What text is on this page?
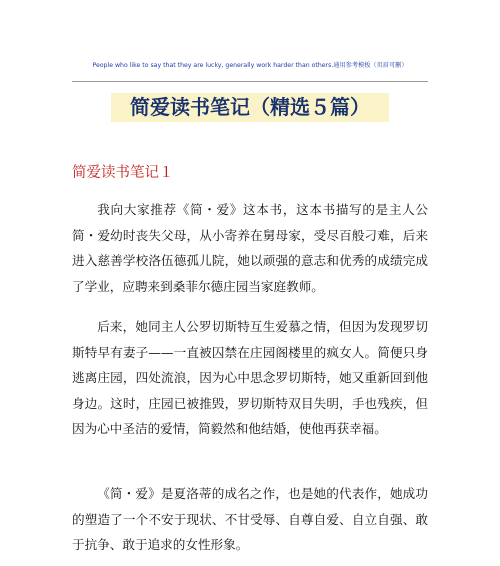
People who like to say that they are lucky, generally work harder than others.通用参考模板（页眉可删）
简爱读书笔记（精选５篇）
简爱读书笔记１

我向大家推荐《简・爱》这本书，这本书描写的是主人公简・爱幼时丧失父母，从小寄养在舅母家，受尽百般刁难，后来进入慈善学校洛伍德孤儿院，她以顽强的意志和优秀的成绩完成了学业，应聘来到桑菲尔德庄园当家庭教师。

后来，她同主人公罗切斯特互生爱慕之情，但因为发现罗切斯特早有妻子——一直被囚禁在庄园阁楼里的疯女人。简便只身逃离庄园，四处流浪，因为心中思念罗切斯特，她又重新回到他身边。这时，庄园已被推毁，罗切斯特双目失明，手也残疾，但因为心中圣洁的爱情，简毅然和他结婚，使他再获幸福。

《简・爱》是夏洛蒂的成名之作，也是她的代表作，她成功的塑造了一个不安于现状、不甘受辱、自尊自爱、自立自强、敢于抗争、敢于追求的女性形象。
